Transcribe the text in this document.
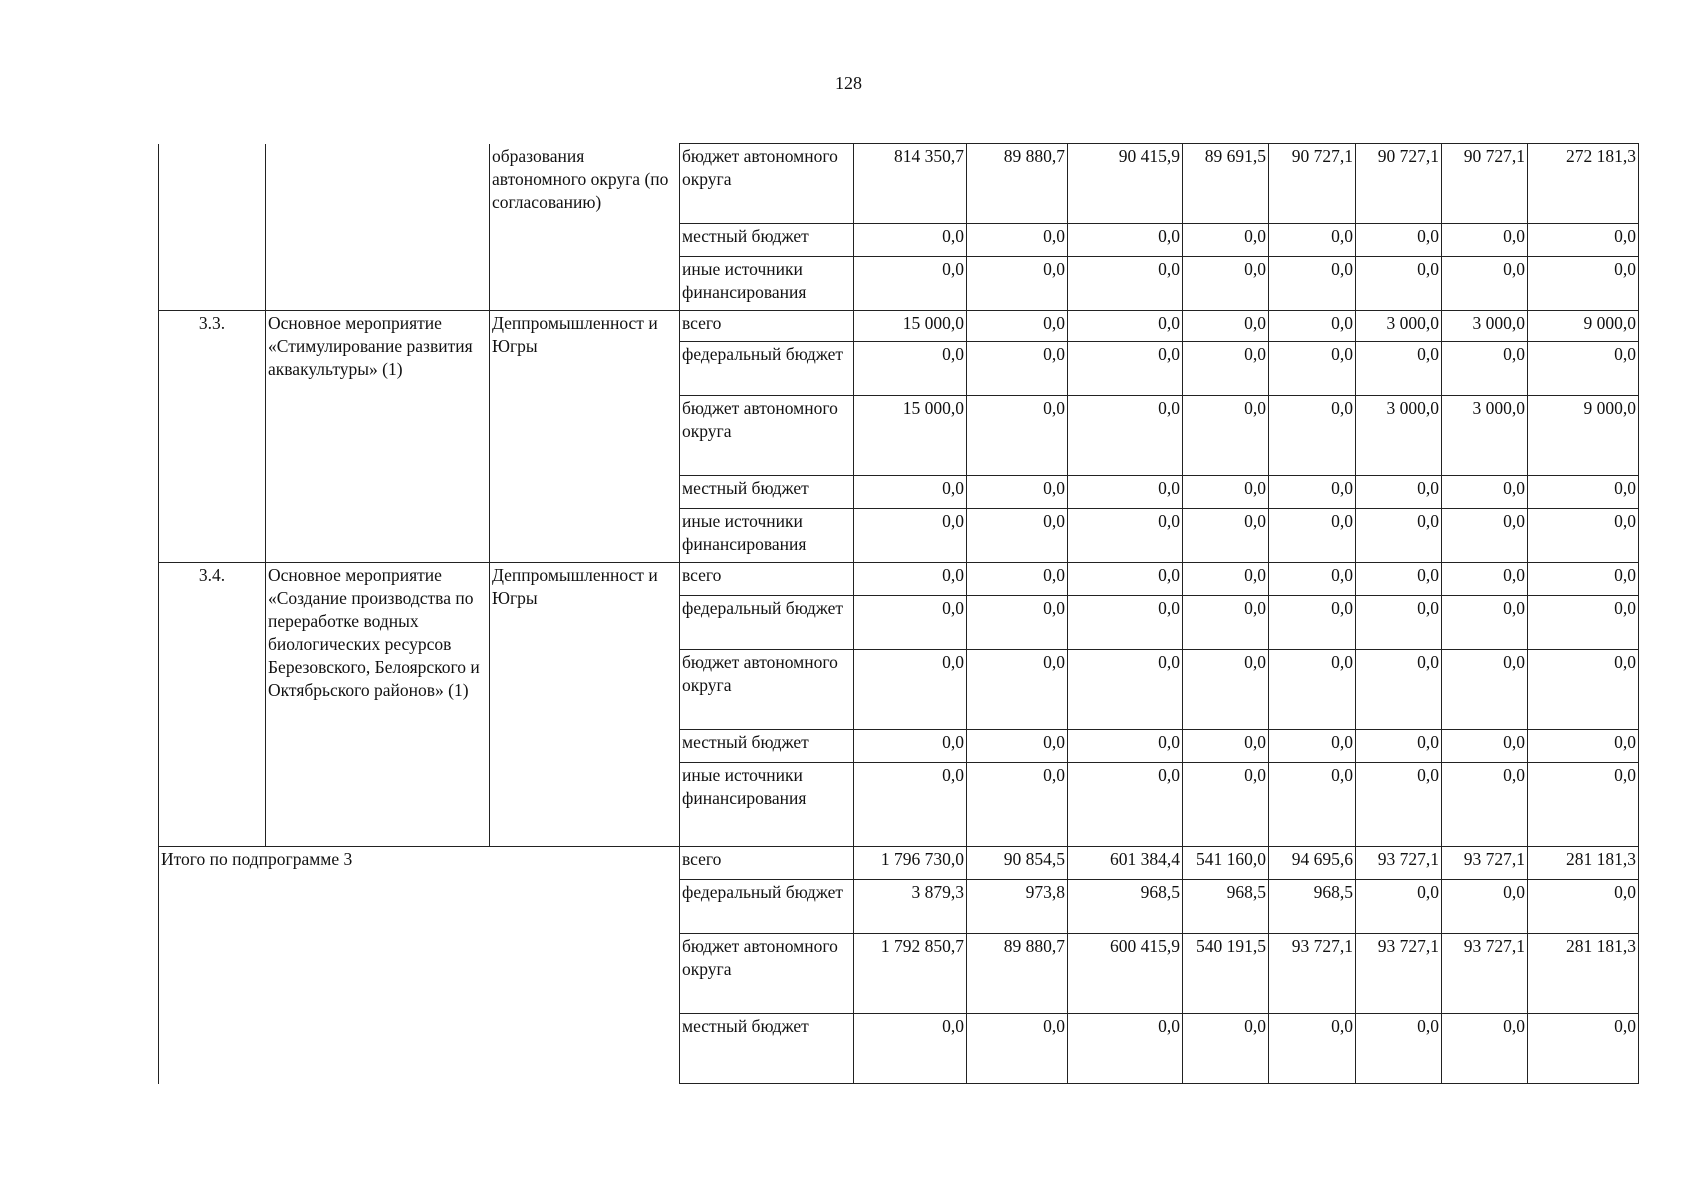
128
		образования автономного округа (по согласованию)	бюджет автономного округа	814 350,7	89 880,7	90 415,9	89 691,5	90 727,1	90 727,1	90 727,1	272 181,3
			местный бюджет	0,0	0,0	0,0	0,0	0,0	0,0	0,0	0,0
			иные источники финансирования	0,0	0,0	0,0	0,0	0,0	0,0	0,0	0,0
3.3.	Основное мероприятие «Стимулирование развития аквакультуры» (1)	Деппромышленност и Югры	всего	15 000,0	0,0	0,0	0,0	0,0	3 000,0	3 000,0	9 000,0
			федеральный бюджет	0,0	0,0	0,0	0,0	0,0	0,0	0,0	0,0
			бюджет автономного округа	15 000,0	0,0	0,0	0,0	0,0	3 000,0	3 000,0	9 000,0
			местный бюджет	0,0	0,0	0,0	0,0	0,0	0,0	0,0	0,0
			иные источники финансирования	0,0	0,0	0,0	0,0	0,0	0,0	0,0	0,0
3.4.	Основное мероприятие «Создание производства по переработке водных биологических ресурсов Березовского, Белоярского и Октябрьского районов» (1)	Деппромышленност и Югры	всего	0,0	0,0	0,0	0,0	0,0	0,0	0,0	0,0
			федеральный бюджет	0,0	0,0	0,0	0,0	0,0	0,0	0,0	0,0
			бюджет автономного округа	0,0	0,0	0,0	0,0	0,0	0,0	0,0	0,0
			местный бюджет	0,0	0,0	0,0	0,0	0,0	0,0	0,0	0,0
			иные источники финансирования	0,0	0,0	0,0	0,0	0,0	0,0	0,0	0,0
Итого по подпрограмме 3			всего	1 796 730,0	90 854,5	601 384,4	541 160,0	94 695,6	93 727,1	93 727,1	281 181,3
			федеральный бюджет	3 879,3	973,8	968,5	968,5	968,5	0,0	0,0	0,0
			бюджет автономного округа	1 792 850,7	89 880,7	600 415,9	540 191,5	93 727,1	93 727,1	93 727,1	281 181,3
			местный бюджет	0,0	0,0	0,0	0,0	0,0	0,0	0,0	0,0
